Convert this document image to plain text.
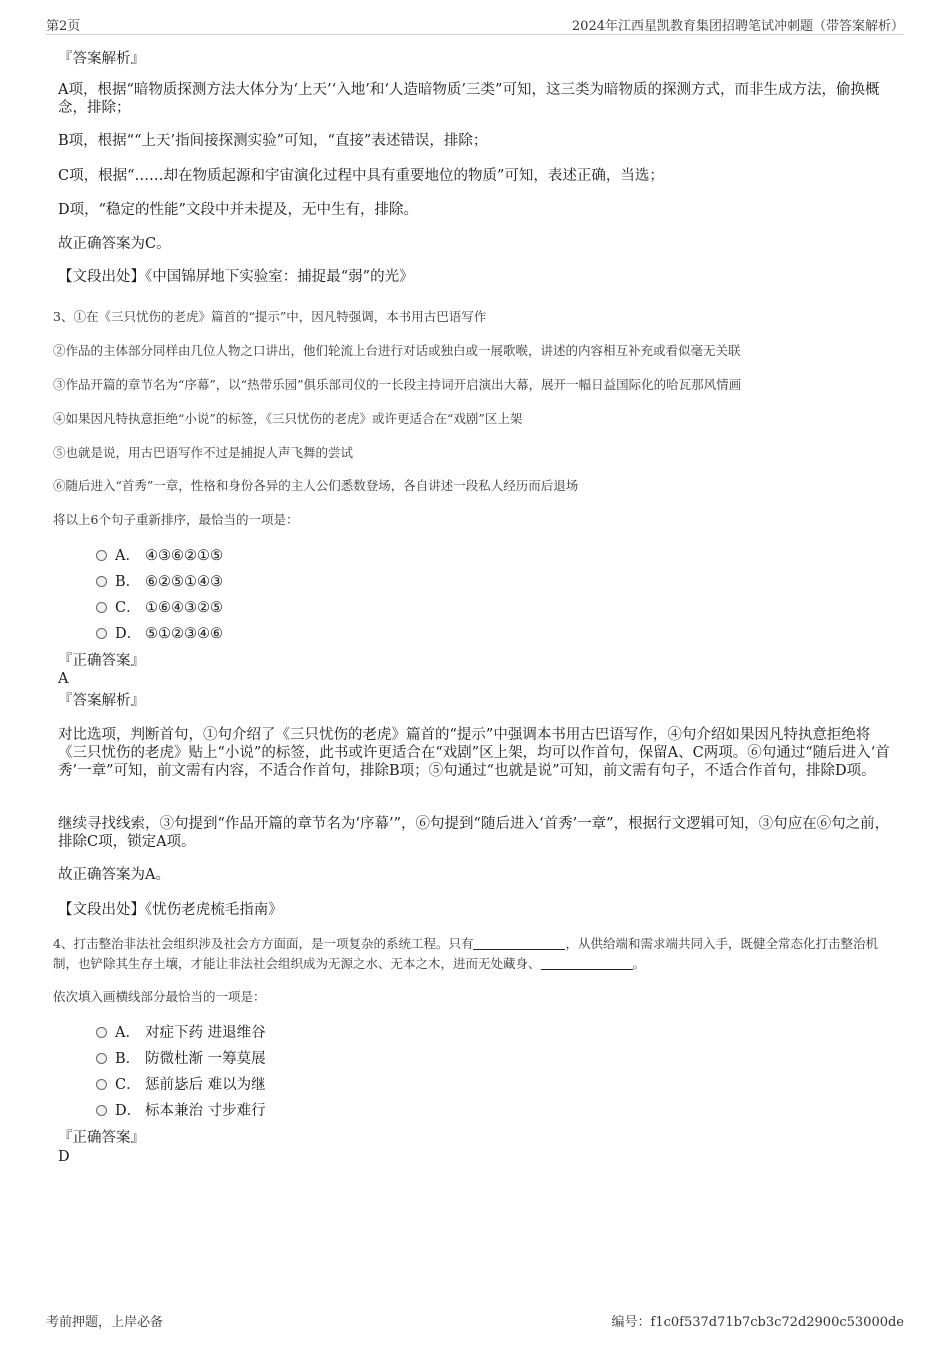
第2页	2024年江西星凯教育集团招聘笔试冲刺题（带答案解析）
『答案解析』
A项，根据“暗物质探测方法大体分为‘上天’‘入地’和‘人造暗物质’三类”可知，这三类为暗物质的探测方式，而非生成方法，偷换概念，排除；
B项，根据““上天’指间接探测实验”可知，“直接”表述错误，排除；
C项，根据“……却在物质起源和宇宙演化过程中具有重要地位的物质”可知，表述正确，当选；
D项，“稳定的性能”文段中并未提及，无中生有，排除。
故正确答案为C。
【文段出处】《中国锦屏地下实验室：捕捉最“弱”的光》
3、①在《三只忧伤的老虎》篇首的“提示”中，因凡特强调，本书用古巴语写作
②作品的主体部分同样由几位人物之口讲出，他们轮流上台进行对话或独白或一展歌喉，讲述的内容相互补充或看似毫无关联
③作品开篇的章节名为“序幕”，以“热带乐园”俱乐部司仪的一长段主持词开启演出大幕，展开一幅日益国际化的哈瓦那风情画
④如果因凡特执意拒绝“小说”的标签，《三只忧伤的老虎》或许更适合在“戏剧”区上架
⑤也就是说，用古巴语写作不过是捕捉人声飞舞的尝试
⑥随后进入“首秀”一章，性格和身份各异的主人公们悉数登场，各自讲述一段私人经历而后退场
将以上6个句子重新排序，最恰当的一项是：
A． ④③⑥②①⑤
B． ⑥②⑤①④③
C． ①⑥④③②⑤
D． ⑤①②③④⑥
『正确答案』
A
『答案解析』
对比选项，判断首句，①句介绍了《三只忧伤的老虎》篇首的“提示”中强调本书用古巴语写作，④句介绍如果因凡特执意拒绝将《三只忧伤的老虎》贴上“小说”的标签，此书或许更适合在“戏剧”区上架，均可以作首句，保留A、C两项。⑥句通过“随后进入‘首秀’一章”可知，前文需有内容，不适合作首句，排除B项；⑤句通过“也就是说”可知，前文需有句子，不适合作首句，排除D项。
继续寻找线索，③句提到“作品开篇的章节名为‘序幕’”，⑥句提到“随后进入‘首秀’一章”，根据行文逻辑可知，③句应在⑥句之前，排除C项，锁定A项。
故正确答案为A。
【文段出处】《忧伤老虎梳毛指南》
4、打击整治非法社会组织涉及社会方方面面，是一项复杂的系统工程。只有	，从供给端和需求端共同入手，既健全常态化打击整治机制，也铲除其生存土壤，才能让非法社会组织成为无源之水、无本之木，进而无处藏身、	。
依次填入画横线部分最恰当的一项是：
A． 对症下药 进退维谷
B． 防微杜渐 一筹莫展
C． 惩前毖后 难以为继
D． 标本兼治 寸步难行
『正确答案』
D
考前押题，上岸必备	编号：f1c0f537d71b7cb3c72d2900c53000de
